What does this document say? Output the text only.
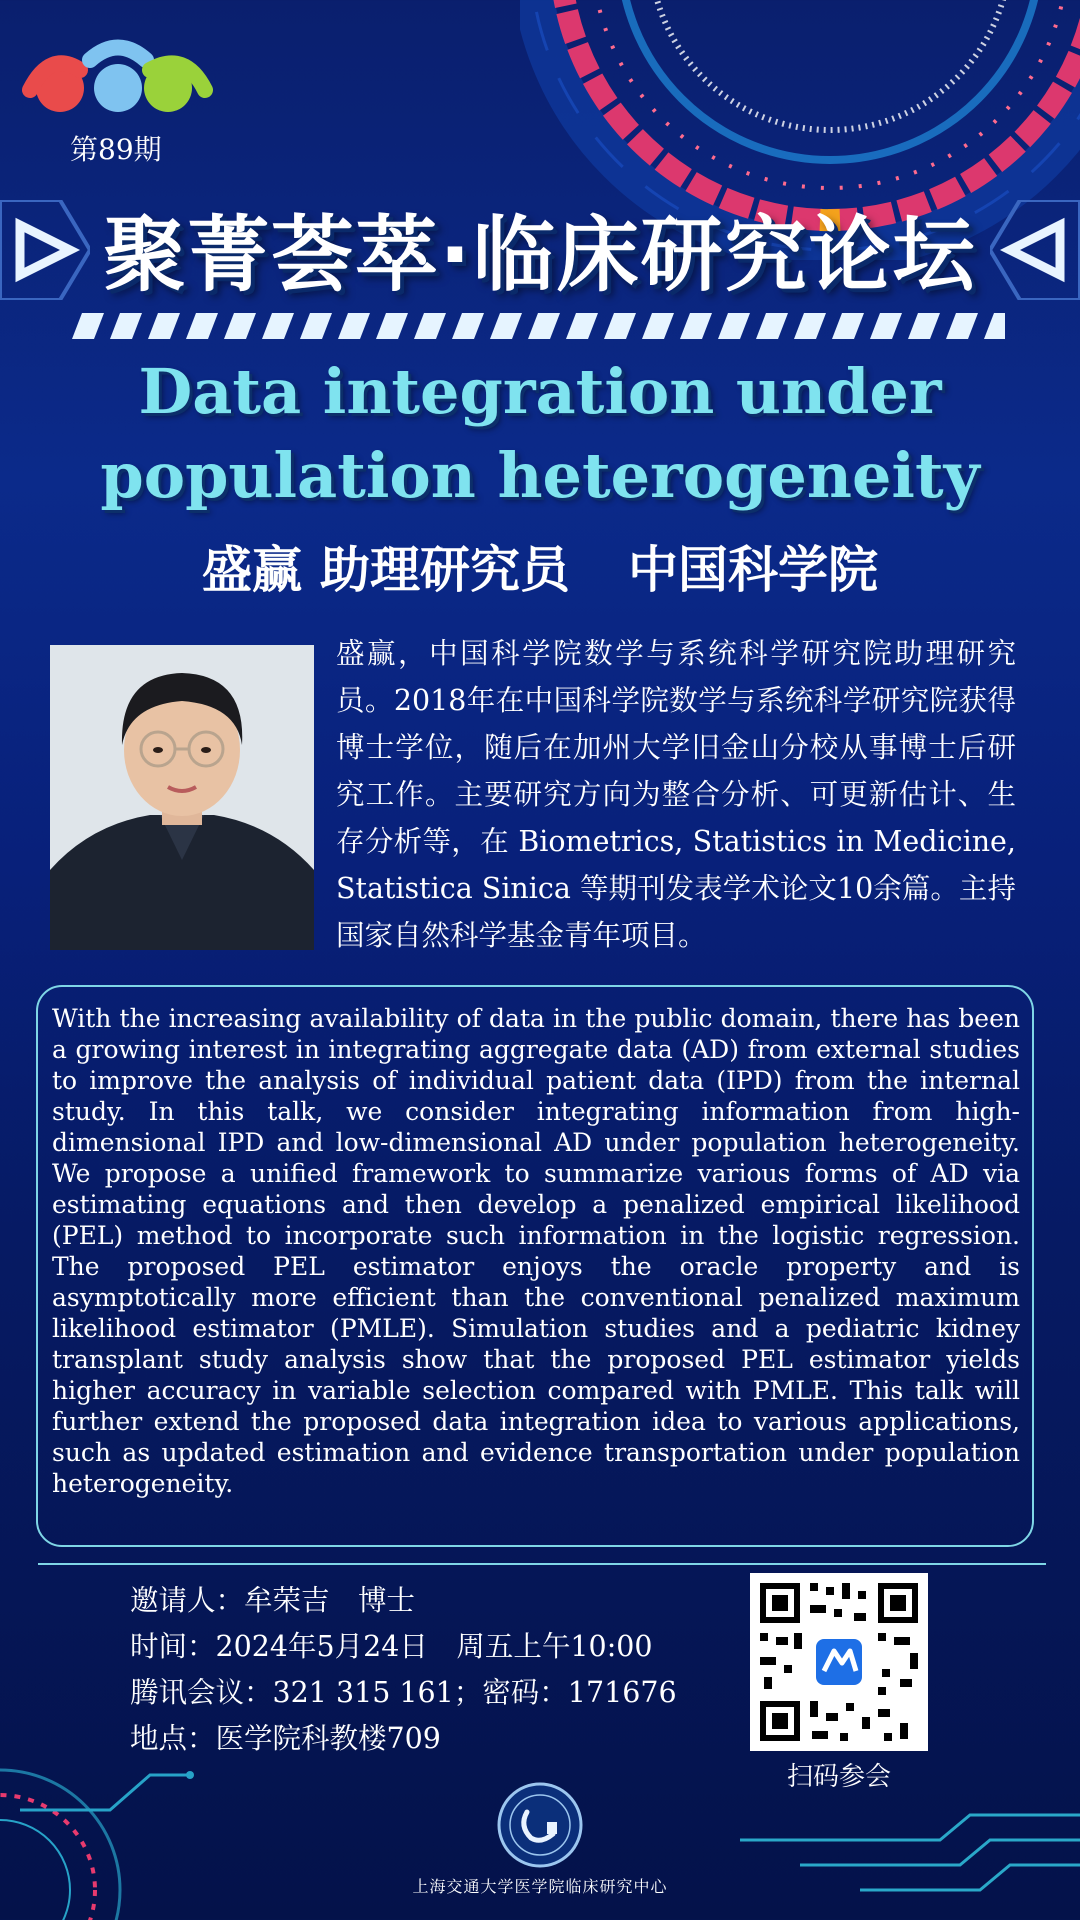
第89期
聚菁荟萃·临床研究论坛
Data integration under
population heterogeneity
盛赢 助理研究员 中国科学院
盛赢，中国科学院数学与系统科学研究院助理研究员。2018年在中国科学院数学与系统科学研究院获得博士学位，随后在加州大学旧金山分校从事博士后研究工作。主要研究方向为整合分析、可更新估计、生存分析等，在 Biometrics, Statistics in Medicine, Statistica Sinica 等期刊发表学术论文10余篇。主持国家自然科学基金青年项目。
With the increasing availability of data in the public domain, there has been a growing interest in integrating aggregate data (AD) from external studies to improve the analysis of individual patient data (IPD) from the internal study. In this talk, we consider integrating information from high-dimensional IPD and low-dimensional AD under population heterogeneity. We propose a unified framework to summarize various forms of AD via estimating equations and then develop a penalized empirical likelihood (PEL) method to incorporate such information in the logistic regression. The proposed PEL estimator enjoys the oracle property and is asymptotically more efficient than the conventional penalized maximum likelihood estimator (PMLE). Simulation studies and a pediatric kidney transplant study analysis show that the proposed PEL estimator yields higher accuracy in variable selection compared with PMLE. This talk will further extend the proposed data integration idea to various applications, such as updated estimation and evidence transportation under population heterogeneity.
邀请人：牟荣吉　博士
时间：2024年5月24日　周五上午10:00
腾讯会议：321 315 161；密码：171676
地点：医学院科教楼709
扫码参会
上海交通大学医学院临床研究中心
